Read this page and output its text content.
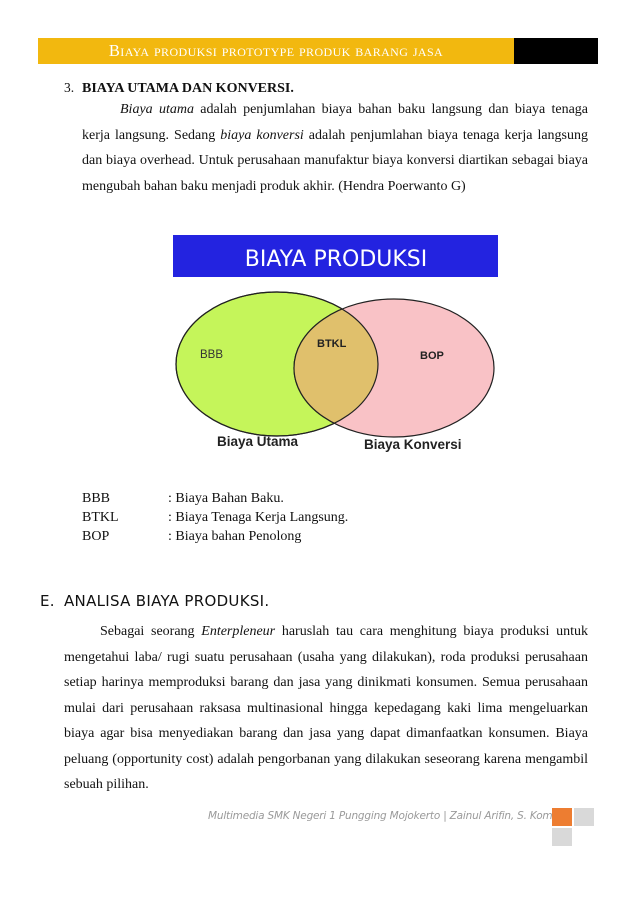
Biaya produksi prototype produk barang jasa
3. BIAYA UTAMA DAN KONVERSI.

Biaya utama adalah penjumlahan biaya bahan baku langsung dan biaya tenaga kerja langsung. Sedang biaya konversi adalah penjumlahan biaya tenaga kerja langsung dan biaya overhead. Untuk perusahaan manufaktur biaya konversi diartikan sebagai biaya mengubah bahan baku menjadi produk akhir. (Hendra Poerwanto G)

BIAYA PRODUKSI
BBB
BTKL
BOP
Biaya Utama	Biaya Konversi
BBB	: Biaya Bahan Baku.
BTKL	: Biaya Tenaga Kerja Langsung.
BOP	: Biaya bahan Penolong
E. ANALISA BIAYA PRODUKSI.

Sebagai seorang Enterpleneur haruslah tau cara menghitung biaya produksi untuk mengetahui laba/ rugi suatu perusahaan (usaha yang dilakukan), roda produksi perusahaan setiap harinya memproduksi barang dan jasa yang dinikmati konsumen. Semua perusahaan mulai dari perusahaan raksasa multinasional hingga kepedagang kaki lima mengeluarkan biaya agar bisa menyediakan barang dan jasa yang dapat dimanfaatkan konsumen. Biaya peluang (opportunity cost) adalah pengorbanan yang dilakukan seseorang karena mengambil sebuah pilihan.

Multimedia SMK Negeri 1 Pungging Mojokerto | Zainul Arifin, S. Kom
